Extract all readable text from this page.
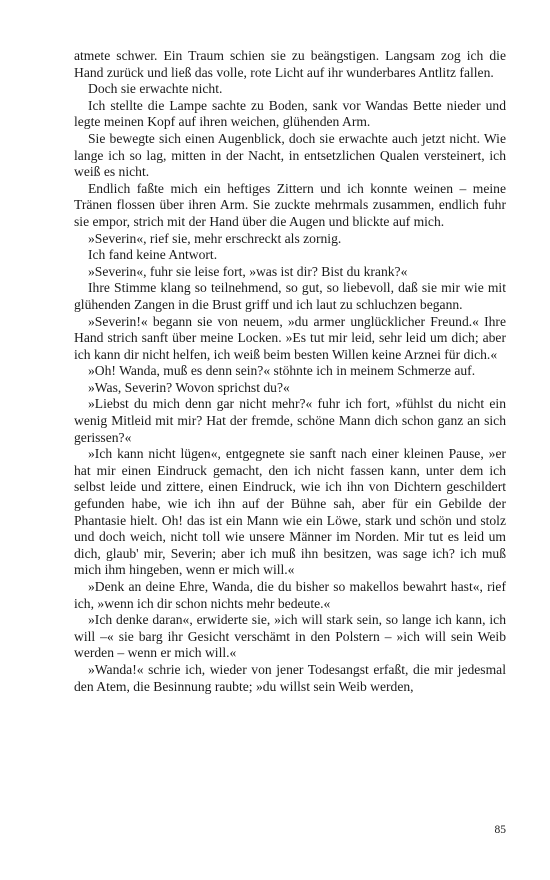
atmete schwer. Ein Traum schien sie zu beängstigen. Langsam zog ich die Hand zurück und ließ das volle, rote Licht auf ihr wunderbares Antlitz fallen.

Doch sie erwachte nicht.

Ich stellte die Lampe sachte zu Boden, sank vor Wandas Bette nieder und legte meinen Kopf auf ihren weichen, glühenden Arm.

Sie bewegte sich einen Augenblick, doch sie erwachte auch jetzt nicht. Wie lange ich so lag, mitten in der Nacht, in entsetzlichen Qualen versteinert, ich weiß es nicht.

Endlich faßte mich ein heftiges Zittern und ich konnte weinen – meine Tränen flossen über ihren Arm. Sie zuckte mehrmals zusammen, endlich fuhr sie empor, strich mit der Hand über die Augen und blickte auf mich.

»Severin«, rief sie, mehr erschreckt als zornig.

Ich fand keine Antwort.

»Severin«, fuhr sie leise fort, »was ist dir? Bist du krank?«

Ihre Stimme klang so teilnehmend, so gut, so liebevoll, daß sie mir wie mit glühenden Zangen in die Brust griff und ich laut zu schluchzen begann.

»Severin!« begann sie von neuem, »du armer unglücklicher Freund.« Ihre Hand strich sanft über meine Locken. »Es tut mir leid, sehr leid um dich; aber ich kann dir nicht helfen, ich weiß beim besten Willen keine Arznei für dich.«

»Oh! Wanda, muß es denn sein?« stöhnte ich in meinem Schmerze auf.

»Was, Severin? Wovon sprichst du?«

»Liebst du mich denn gar nicht mehr?« fuhr ich fort, »fühlst du nicht ein wenig Mitleid mit mir? Hat der fremde, schöne Mann dich schon ganz an sich gerissen?«

»Ich kann nicht lügen«, entgegnete sie sanft nach einer kleinen Pause, »er hat mir einen Eindruck gemacht, den ich nicht fassen kann, unter dem ich selbst leide und zittere, einen Eindruck, wie ich ihn von Dichtern geschildert gefunden habe, wie ich ihn auf der Bühne sah, aber für ein Gebilde der Phantasie hielt. Oh! das ist ein Mann wie ein Löwe, stark und schön und stolz und doch weich, nicht toll wie unsere Männer im Norden. Mir tut es leid um dich, glaub' mir, Severin; aber ich muß ihn besitzen, was sage ich? ich muß mich ihm hingeben, wenn er mich will.«

»Denk an deine Ehre, Wanda, die du bisher so makellos bewahrt hast«, rief ich, »wenn ich dir schon nichts mehr bedeute.«

»Ich denke daran«, erwiderte sie, »ich will stark sein, so lange ich kann, ich will –« sie barg ihr Gesicht verschämt in den Polstern – »ich will sein Weib werden – wenn er mich will.«

»Wanda!« schrie ich, wieder von jener Todesangst erfaßt, die mir jedesmal den Atem, die Besinnung raubte; »du willst sein Weib werden,

85
